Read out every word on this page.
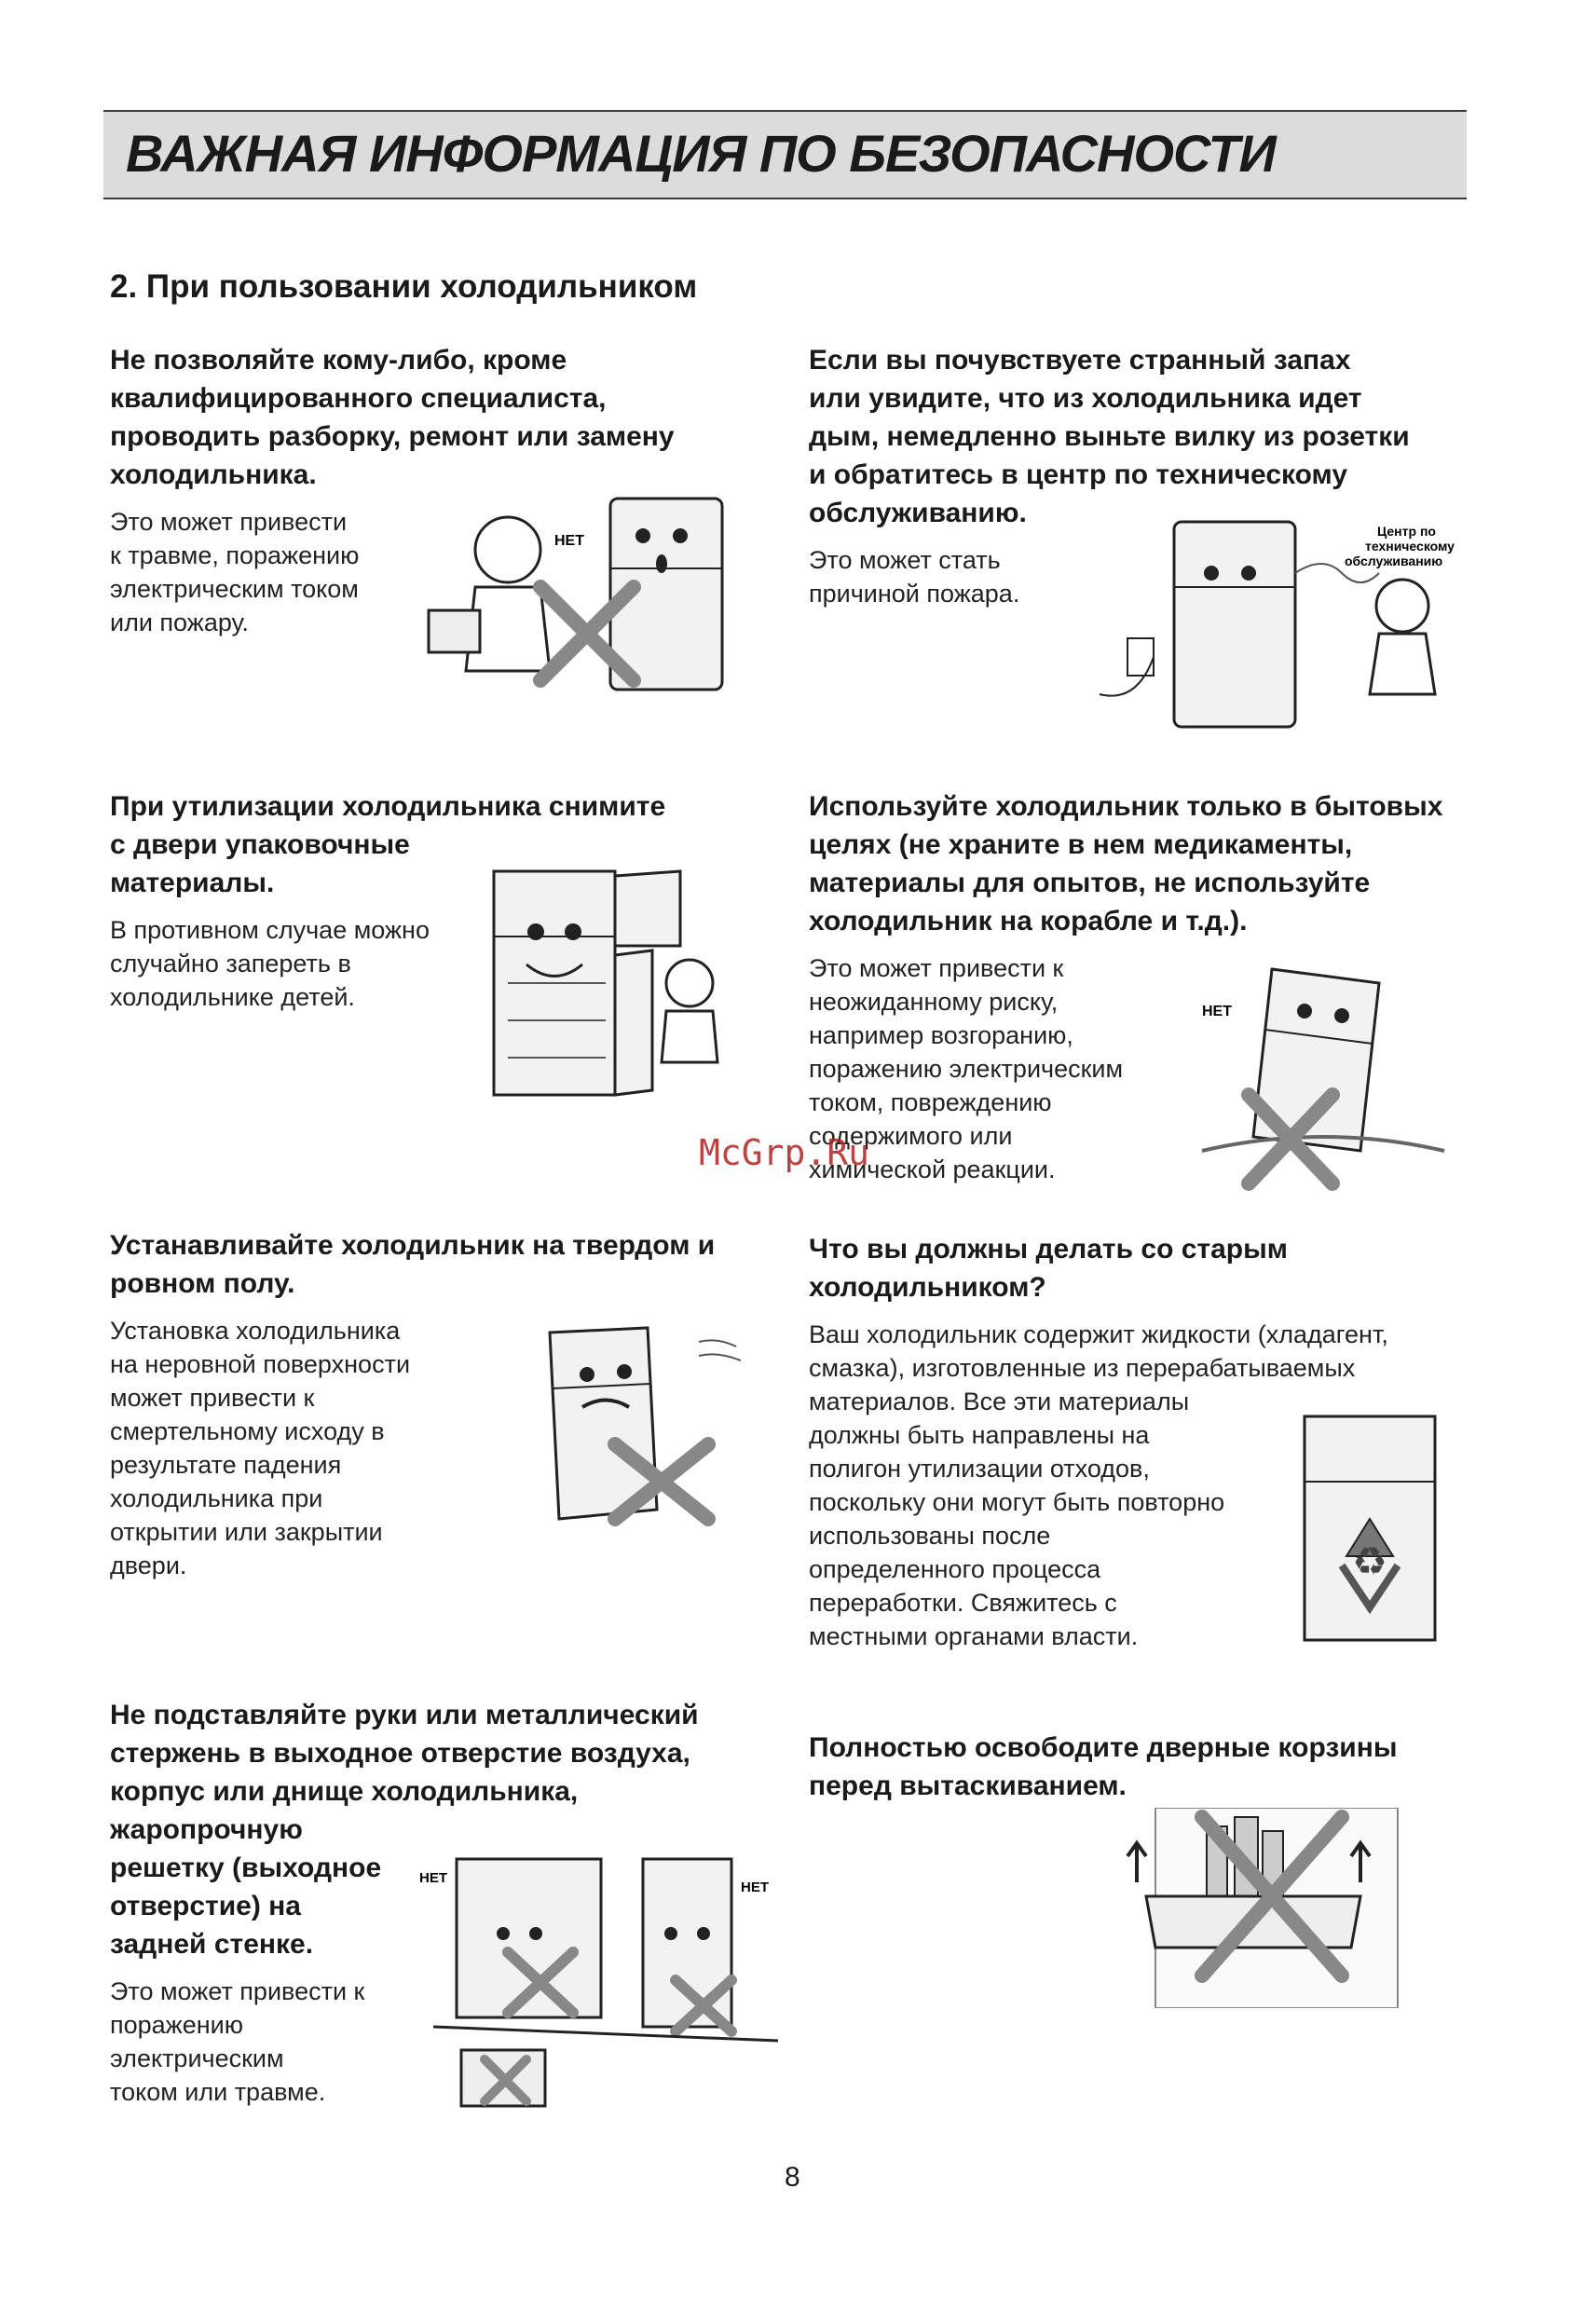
ВАЖНАЯ ИНФОРМАЦИЯ ПО БЕЗОПАСНОСТИ
2. При пользовании холодильником
Не позволяйте кому-либо, кроме
квалифицированного специалиста,
проводить разборку, ремонт или замену
холодильника.

Это может привести
к травме, поражению
электрическим током
или пожару.

НЕТ
Если вы почувствуете странный запах
или увидите, что из холодильника идет
дым, немедленно выньте вилку из розетки
и обратитесь в центр по техническому
обслуживанию.

Это может стать
причиной пожара.

Центр по
техническому
обслуживанию
При утилизации холодильника снимите
с двери упаковочные
материалы.

В противном случае можно
случайно запереть в
холодильнике детей.

Используйте холодильник только в бытовых
целях (не храните в нем медикаменты,
материалы для опытов, не используйте
холодильник на корабле и т.д.).

Это может привести к
неожиданному риску,
например возгоранию,
поражению электрическим
током, повреждению
содержимого или
химической реакции.

НЕТ
Устанавливайте холодильник на твердом и
ровном полу.

Установка холодильника
на неровной поверхности
может привести к
смертельному исходу в
результате падения
холодильника при
открытии или закрытии
двери.

Что вы должны делать со старым
холодильником?

Ваш холодильник содержит жидкости (хладагент,
смазка), изготовленные из перерабатываемых
материалов. Все эти материалы
должны быть направлены на
полигон утилизации отходов,
поскольку они могут быть повторно
использованы после
определенного процесса
переработки. Свяжитесь с
местными органами власти.

♻
Не подставляйте руки или металлический
стержень в выходное отверстие воздуха,
корпус или днище холодильника,
жаропрочную
решетку (выходное
отверстие) на
задней стенке.

Это может привести к
поражению
электрическим
током или травме.

НЕТ
НЕТ
Полностью освободите дверные корзины
перед вытаскиванием.
McGrp.Ru
8
